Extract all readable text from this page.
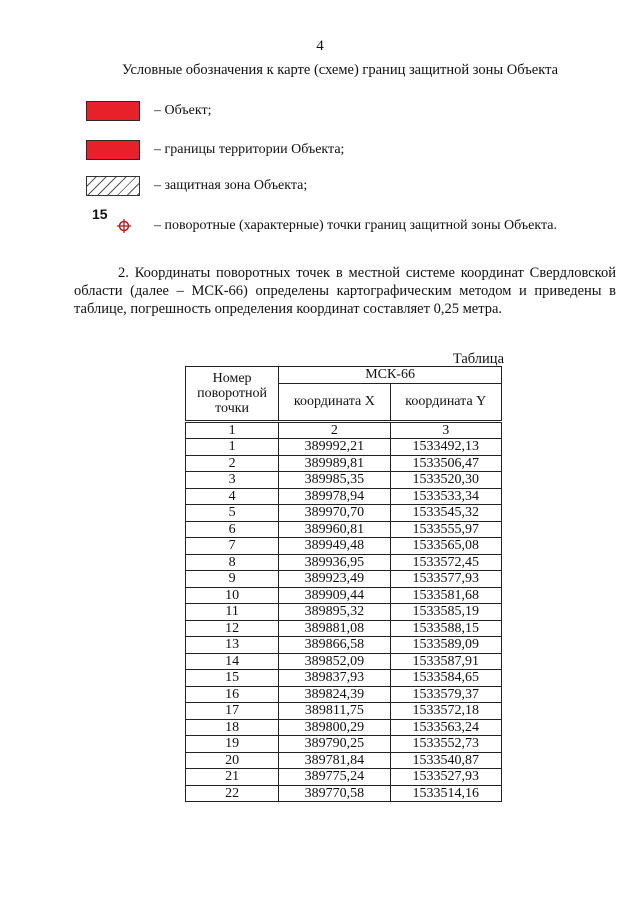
4
Условные обозначения к карте (схеме) границ защитной зоны Объекта
– Объект;
– границы территории Объекта;
– защитная зона Объекта;
15
– поворотные (характерные) точки границ защитной зоны Объекта.
2. Координаты поворотных точек в местной системе координат Свердловской области (далее – МСК-66) определены картографическим методом и приведены в таблице, погрешность определения координат составляет 0,25 метра.
Таблица
Номер поворотной точки	МСК-66	
	координата X	координата Y
1	2	3
1	389992,21	1533492,13
2	389989,81	1533506,47
3	389985,35	1533520,30
4	389978,94	1533533,34
5	389970,70	1533545,32
6	389960,81	1533555,97
7	389949,48	1533565,08
8	389936,95	1533572,45
9	389923,49	1533577,93
10	389909,44	1533581,68
11	389895,32	1533585,19
12	389881,08	1533588,15
13	389866,58	1533589,09
14	389852,09	1533587,91
15	389837,93	1533584,65
16	389824,39	1533579,37
17	389811,75	1533572,18
18	389800,29	1533563,24
19	389790,25	1533552,73
20	389781,84	1533540,87
21	389775,24	1533527,93
22	389770,58	1533514,16
